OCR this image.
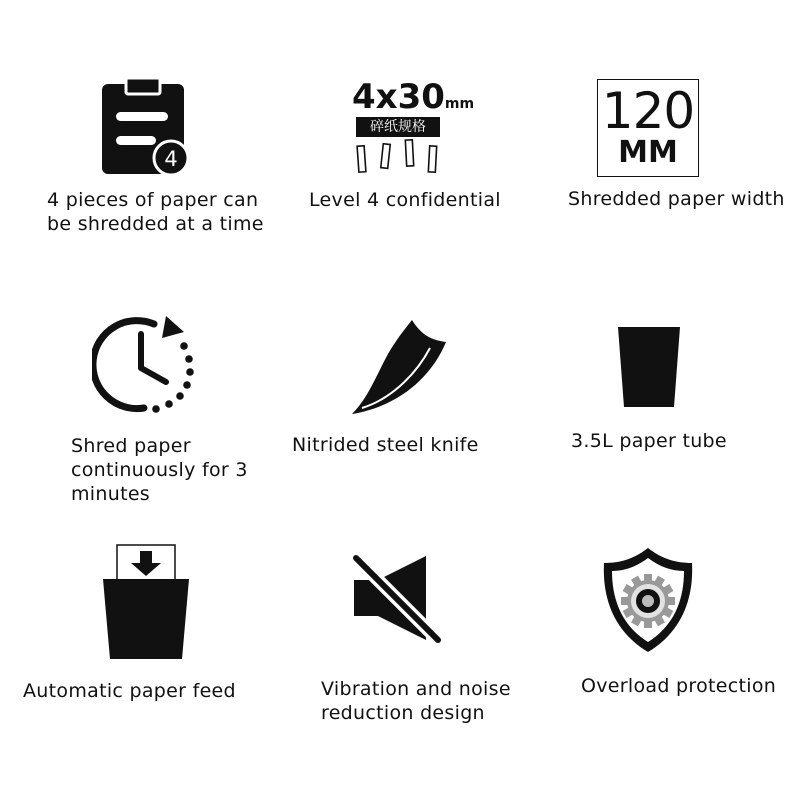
4
4 pieces of paper can
be shredded at a time
4x30mm
碎纸规格
Level 4 confidential
120
MM
Shredded paper width
Shred paper
continuously for 3
minutes
Nitrided steel knife	3.5L paper tube
Automatic paper feed	Vibration and noise
reduction design
Overload protection
